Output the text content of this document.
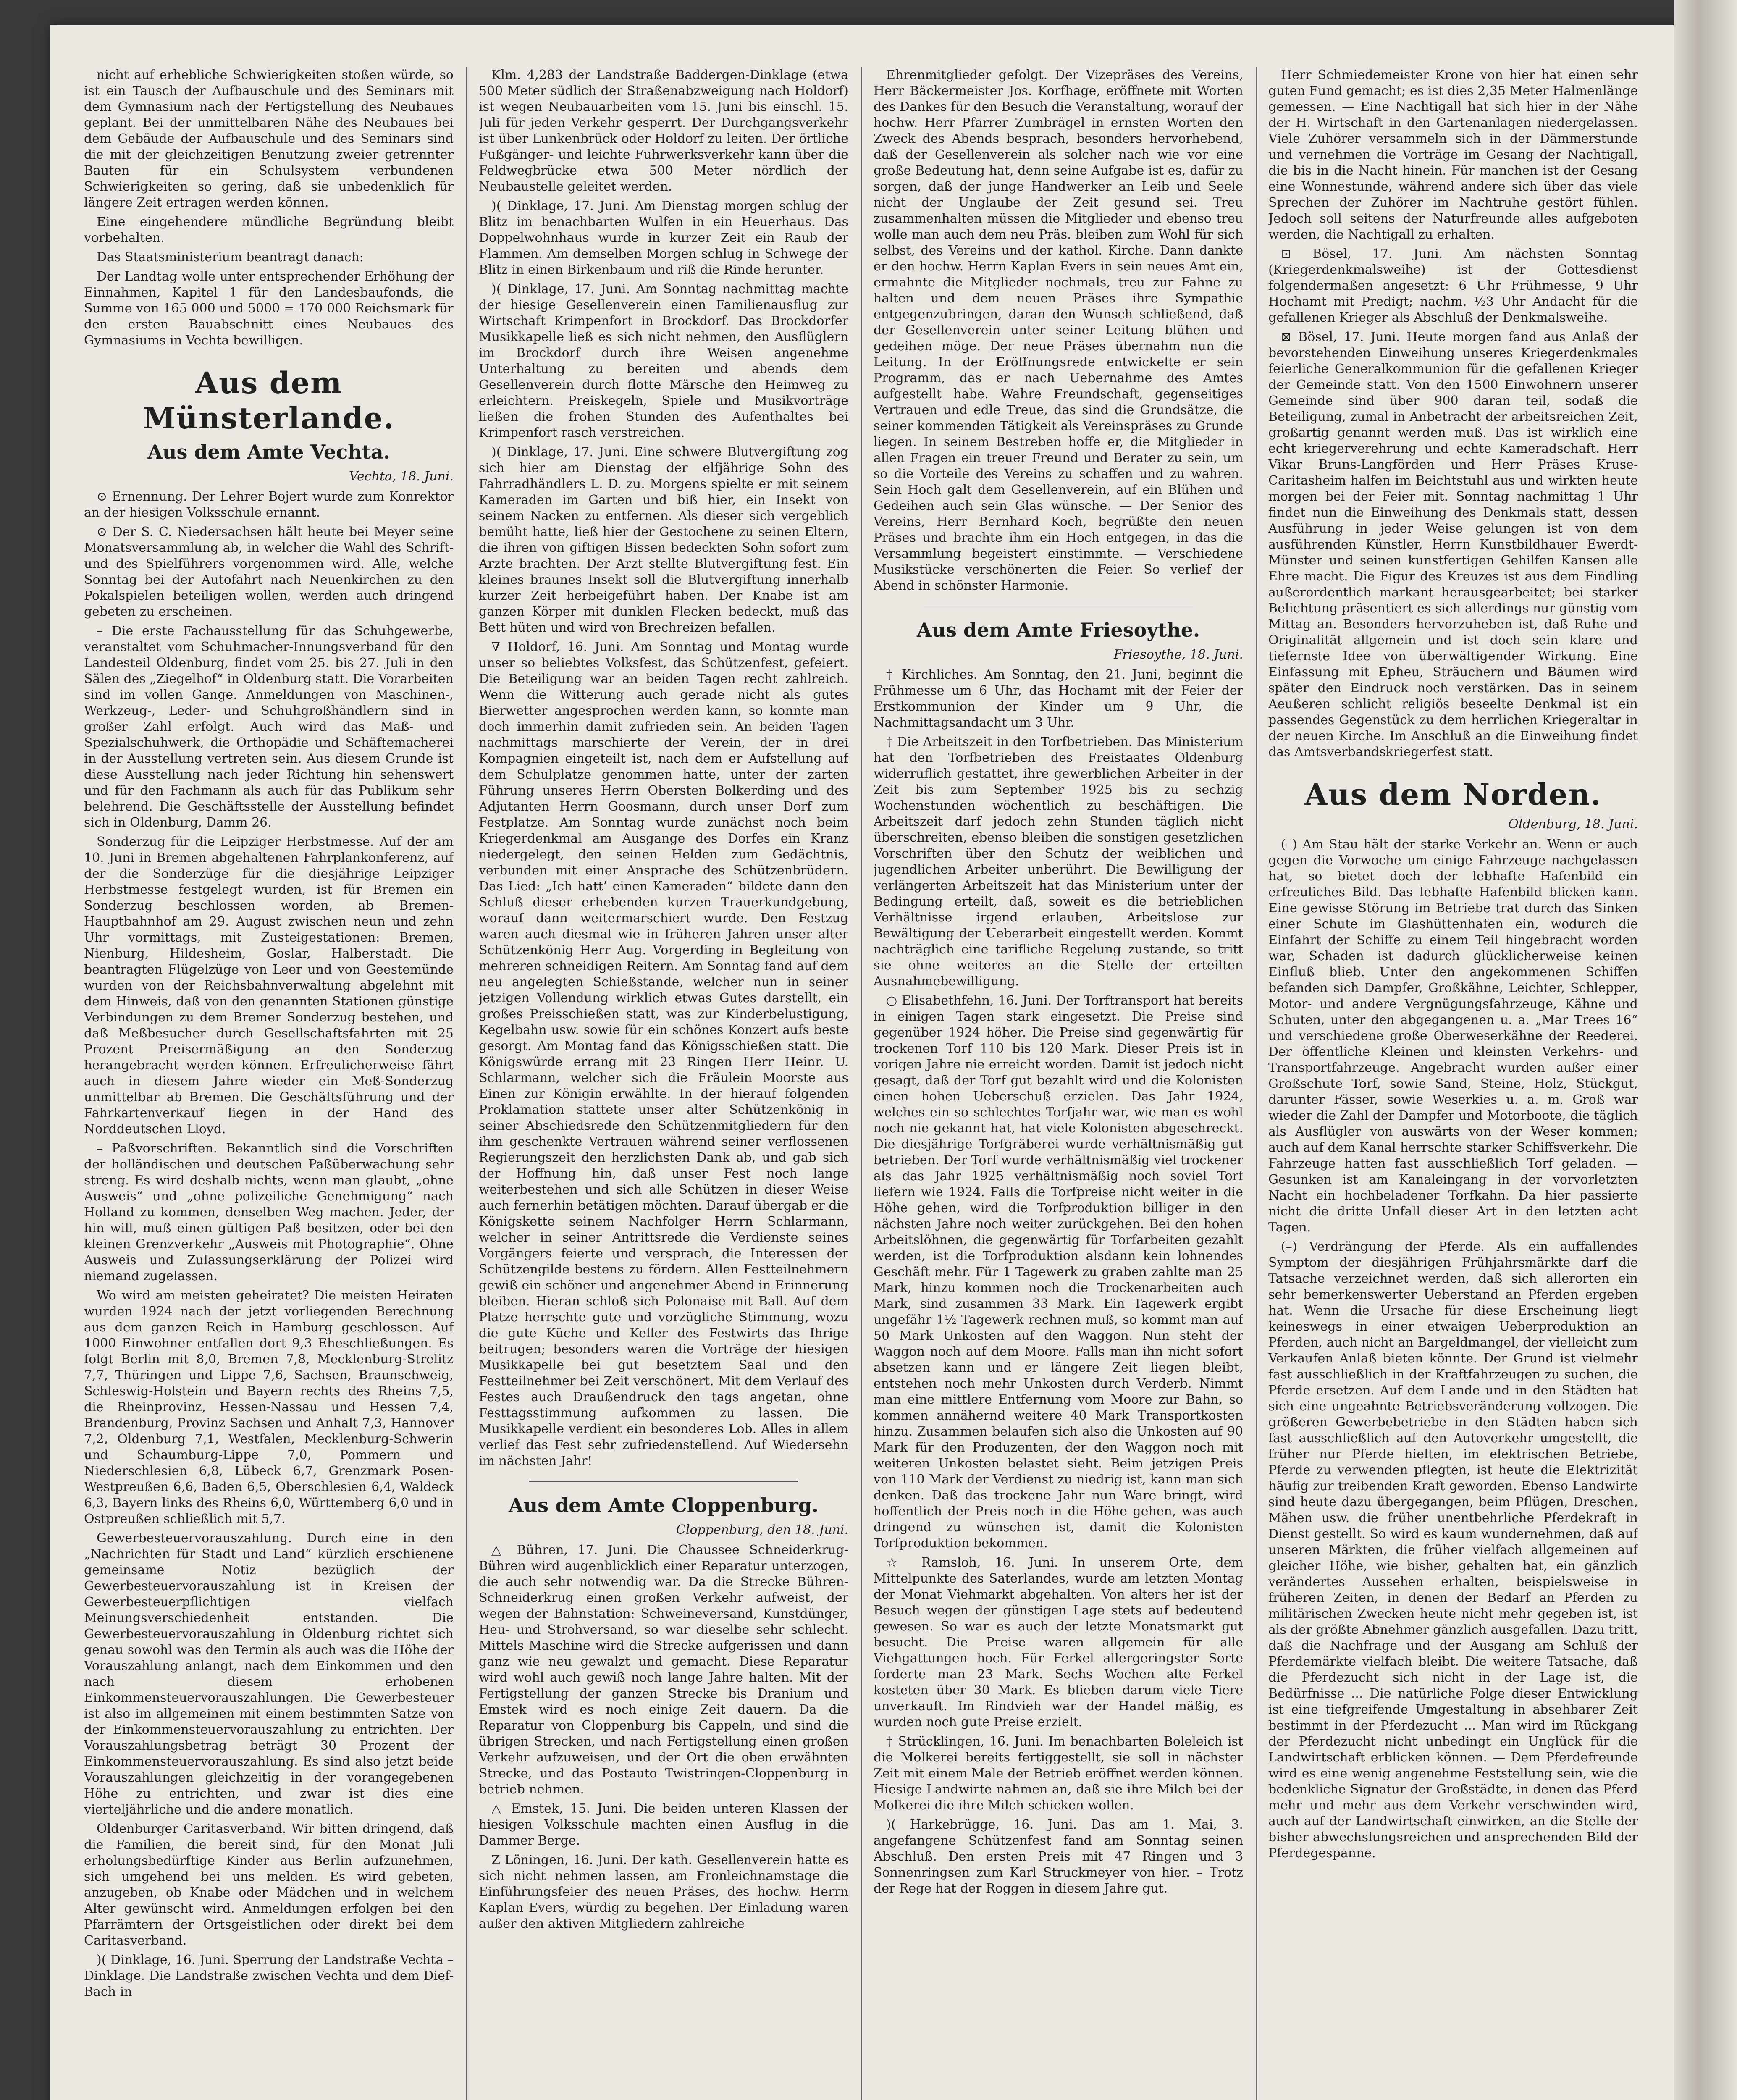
nicht auf erhebliche Schwierigkeiten stoßen würde, so ist ein Tausch der Aufbauschule und des Seminars mit dem Gymnasium nach der Fertigstellung des Neubaues geplant. Bei der unmittelbaren Nähe des Neubaues bei dem Gebäude der Aufbauschule und des Seminars sind die mit der gleichzeitigen Benutzung zweier getrennter Bauten für ein Schulsystem verbundenen Schwierigkeiten so gering, daß sie unbedenklich für längere Zeit ertragen werden können.

Eine eingehendere mündliche Begründung bleibt vorbehalten.

Das Staatsministerium beantragt danach:

Der Landtag wolle unter entsprechender Erhöhung der Einnahmen, Kapitel 1 für den Landesbaufonds, die Summe von 165 000 und 5000 = 170 000 Reichsmark für den ersten Bauabschnitt eines Neubaues des Gymnasiums in Vechta bewilligen.

Aus dem Münsterlande.
Aus dem Amte Vechta.
Vechta, 18. Juni.

⊙ Ernennung. Der Lehrer Bojert wurde zum Konrektor an der hiesigen Volksschule ernannt.

⊙ Der S. C. Niedersachsen hält heute bei Meyer seine Monatsversammlung ab, in welcher die Wahl des Schrift- und des Spielführers vorgenommen wird. Alle, welche Sonntag bei der Autofahrt nach Neuenkirchen zu den Pokalspielen beteiligen wollen, werden auch dringend gebeten zu erscheinen.

– Die erste Fachausstellung für das Schuhgewerbe, veranstaltet vom Schuhmacher-Innungsverband für den Landesteil Oldenburg, findet vom 25. bis 27. Juli in den Sälen des „Ziegelhof“ in Oldenburg statt. Die Vorarbeiten sind im vollen Gange. Anmeldungen von Maschinen-, Werkzeug-, Leder- und Schuhgroßhändlern sind in großer Zahl erfolgt. Auch wird das Maß- und Spezialschuhwerk, die Orthopädie und Schäftemacherei in der Ausstellung vertreten sein. Aus diesem Grunde ist diese Ausstellung nach jeder Richtung hin sehenswert und für den Fachmann als auch für das Publikum sehr belehrend. Die Geschäftsstelle der Ausstellung befindet sich in Oldenburg, Damm 26.

Sonderzug für die Leipziger Herbstmesse. Auf der am 10. Juni in Bremen abgehaltenen Fahrplankonferenz, auf der die Sonderzüge für die diesjährige Leipziger Herbstmesse festgelegt wurden, ist für Bremen ein Sonderzug beschlossen worden, ab Bremen-Hauptbahnhof am 29. August zwischen neun und zehn Uhr vormittags, mit Zusteigestationen: Bremen, Nienburg, Hildesheim, Goslar, Halberstadt. Die beantragten Flügelzüge von Leer und von Geestemünde wurden von der Reichsbahnverwaltung abgelehnt mit dem Hinweis, daß von den genannten Stationen günstige Verbindungen zu dem Bremer Sonderzug bestehen, und daß Meßbesucher durch Gesellschaftsfahrten mit 25 Prozent Preisermäßigung an den Sonderzug herangebracht werden können. Erfreulicherweise fährt auch in diesem Jahre wieder ein Meß-Sonderzug unmittelbar ab Bremen. Die Geschäftsführung und der Fahrkartenverkauf liegen in der Hand des Norddeutschen Lloyd.

– Paßvorschriften. Bekanntlich sind die Vorschriften der holländischen und deutschen Paßüberwachung sehr streng. Es wird deshalb nichts, wenn man glaubt, „ohne Ausweis“ und „ohne polizeiliche Genehmigung“ nach Holland zu kommen, denselben Weg machen. Jeder, der hin will, muß einen gültigen Paß besitzen, oder bei den kleinen Grenzverkehr „Ausweis mit Photographie“. Ohne Ausweis und Zulassungserklärung der Polizei wird niemand zugelassen.

Wo wird am meisten geheiratet? Die meisten Heiraten wurden 1924 nach der jetzt vorliegenden Berechnung aus dem ganzen Reich in Hamburg geschlossen. Auf 1000 Einwohner entfallen dort 9,3 Eheschließungen. Es folgt Berlin mit 8,0, Bremen 7,8, Mecklenburg-Strelitz 7,7, Thüringen und Lippe 7,6, Sachsen, Braunschweig, Schleswig-Holstein und Bayern rechts des Rheins 7,5, die Rheinprovinz, Hessen-Nassau und Hessen 7,4, Brandenburg, Provinz Sachsen und Anhalt 7,3, Hannover 7,2, Oldenburg 7,1, Westfalen, Mecklenburg-Schwerin und Schaumburg-Lippe 7,0, Pommern und Niederschlesien 6,8, Lübeck 6,7, Grenzmark Posen-Westpreußen 6,6, Baden 6,5, Oberschlesien 6,4, Waldeck 6,3, Bayern links des Rheins 6,0, Württemberg 6,0 und in Ostpreußen schließlich mit 5,7.

Gewerbesteuervorauszahlung. Durch eine in den „Nachrichten für Stadt und Land“ kürzlich erschienene gemeinsame Notiz bezüglich der Gewerbesteuervorauszahlung ist in Kreisen der Gewerbesteuerpflichtigen vielfach Meinungsverschiedenheit entstanden. Die Gewerbesteuervorauszahlung in Oldenburg richtet sich genau sowohl was den Termin als auch was die Höhe der Vorauszahlung anlangt, nach dem Einkommen und den nach diesem erhobenen Einkommensteuervorauszahlungen. Die Gewerbesteuer ist also im allgemeinen mit einem bestimmten Satze von der Einkommensteuervorauszahlung zu entrichten. Der Vorauszahlungsbetrag beträgt 30 Prozent der Einkommensteuervorauszahlung. Es sind also jetzt beide Vorauszahlungen gleichzeitig in der vorangegebenen Höhe zu entrichten, und zwar ist dies eine vierteljährliche und die andere monatlich.

Oldenburger Caritasverband. Wir bitten dringend, daß die Familien, die bereit sind, für den Monat Juli erholungsbedürftige Kinder aus Berlin aufzunehmen, sich umgehend bei uns melden. Es wird gebeten, anzugeben, ob Knabe oder Mädchen und in welchem Alter gewünscht wird. Anmeldungen erfolgen bei den Pfarrämtern der Ortsgeistlichen oder direkt bei dem Caritasverband.

)( Dinklage, 16. Juni. Sperrung der Landstraße Vechta – Dinklage. Die Landstraße zwischen Vechta und dem Dief-Bach in

Klm. 4,283 der Landstraße Baddergen-Dinklage (etwa 500 Meter südlich der Straßenabzweigung nach Holdorf) ist wegen Neubauarbeiten vom 15. Juni bis einschl. 15. Juli für jeden Verkehr gesperrt. Der Durchgangsverkehr ist über Lunkenbrück oder Holdorf zu leiten. Der örtliche Fußgänger- und leichte Fuhrwerksverkehr kann über die Feldwegbrücke etwa 500 Meter nördlich der Neubaustelle geleitet werden.

)( Dinklage, 17. Juni. Am Dienstag morgen schlug der Blitz im benachbarten Wulfen in ein Heuerhaus. Das Doppelwohnhaus wurde in kurzer Zeit ein Raub der Flammen. Am demselben Morgen schlug in Schwege der Blitz in einen Birkenbaum und riß die Rinde herunter.

)( Dinklage, 17. Juni. Am Sonntag nachmittag machte der hiesige Gesellenverein einen Familienausflug zur Wirtschaft Krimpenfort in Brockdorf. Das Brockdorfer Musikkapelle ließ es sich nicht nehmen, den Ausflüglern im Brockdorf durch ihre Weisen angenehme Unterhaltung zu bereiten und abends dem Gesellenverein durch flotte Märsche den Heimweg zu erleichtern. Preiskegeln, Spiele und Musikvorträge ließen die frohen Stunden des Aufenthaltes bei Krimpenfort rasch verstreichen.

)( Dinklage, 17. Juni. Eine schwere Blutvergiftung zog sich hier am Dienstag der elfjährige Sohn des Fahrradhändlers L. D. zu. Morgens spielte er mit seinem Kameraden im Garten und biß hier, ein Insekt von seinem Nacken zu entfernen. Als dieser sich vergeblich bemüht hatte, ließ hier der Gestochene zu seinen Eltern, die ihren von giftigen Bissen bedeckten Sohn sofort zum Arzte brachten. Der Arzt stellte Blutvergiftung fest. Ein kleines braunes Insekt soll die Blutvergiftung innerhalb kurzer Zeit herbeigeführt haben. Der Knabe ist am ganzen Körper mit dunklen Flecken bedeckt, muß das Bett hüten und wird von Brechreizen befallen.

∇ Holdorf, 16. Juni. Am Sonntag und Montag wurde unser so beliebtes Volksfest, das Schützenfest, gefeiert. Die Beteiligung war an beiden Tagen recht zahlreich. Wenn die Witterung auch gerade nicht als gutes Bierwetter angesprochen werden kann, so konnte man doch immerhin damit zufrieden sein. An beiden Tagen nachmittags marschierte der Verein, der in drei Kompagnien eingeteilt ist, nach dem er Aufstellung auf dem Schulplatze genommen hatte, unter der zarten Führung unseres Herrn Obersten Bolkerding und des Adjutanten Herrn Goosmann, durch unser Dorf zum Festplatze. Am Sonntag wurde zunächst noch beim Kriegerdenkmal am Ausgange des Dorfes ein Kranz niedergelegt, den seinen Helden zum Gedächtnis, verbunden mit einer Ansprache des Schützenbrüdern. Das Lied: „Ich hatt’ einen Kameraden“ bildete dann den Schluß dieser erhebenden kurzen Trauerkundgebung, worauf dann weitermarschiert wurde. Den Festzug waren auch diesmal wie in früheren Jahren unser alter Schützenkönig Herr Aug. Vorgerding in Begleitung von mehreren schneidigen Reitern. Am Sonntag fand auf dem neu angelegten Schießstande, welcher nun in seiner jetzigen Vollendung wirklich etwas Gutes darstellt, ein großes Preisschießen statt, was zur Kinderbelustigung, Kegelbahn usw. sowie für ein schönes Konzert aufs beste gesorgt. Am Montag fand das Königsschießen statt. Die Königswürde errang mit 23 Ringen Herr Heinr. U. Schlarmann, welcher sich die Fräulein Moorste aus Einen zur Königin erwählte. In der hierauf folgenden Proklamation stattete unser alter Schützenkönig in seiner Abschiedsrede den Schützenmitgliedern für den ihm geschenkte Vertrauen während seiner verflossenen Regierungszeit den herzlichsten Dank ab, und gab sich der Hoffnung hin, daß unser Fest noch lange weiterbestehen und sich alle Schützen in dieser Weise auch fernerhin betätigen möchten. Darauf übergab er die Königskette seinem Nachfolger Herrn Schlarmann, welcher in seiner Antrittsrede die Verdienste seines Vorgängers feierte und versprach, die Interessen der Schützengilde bestens zu fördern. Allen Festteilnehmern gewiß ein schöner und angenehmer Abend in Erinnerung bleiben. Hieran schloß sich Polonaise mit Ball. Auf dem Platze herrschte gute und vorzügliche Stimmung, wozu die gute Küche und Keller des Festwirts das Ihrige beitrugen; besonders waren die Vorträge der hiesigen Musikkapelle bei gut besetztem Saal und den Festteilnehmer bei Zeit verschönert. Mit dem Verlauf des Festes auch Draußendruck den tags angetan, ohne Festtagsstimmung aufkommen zu lassen. Die Musikkapelle verdient ein besonderes Lob. Alles in allem verlief das Fest sehr zufriedenstellend. Auf Wiedersehn im nächsten Jahr!

Aus dem Amte Cloppenburg.
Cloppenburg, den 18. Juni.

△ Bühren, 17. Juni. Die Chaussee Schneiderkrug-Bühren wird augenblicklich einer Reparatur unterzogen, die auch sehr notwendig war. Da die Strecke Bühren-Schneiderkrug einen großen Verkehr aufweist, der wegen der Bahnstation: Schweineversand, Kunstdünger, Heu- und Strohversand, so war dieselbe sehr schlecht. Mittels Maschine wird die Strecke aufgerissen und dann ganz wie neu gewalzt und gemacht. Diese Reparatur wird wohl auch gewiß noch lange Jahre halten. Mit der Fertigstellung der ganzen Strecke bis Dranium und Emstek wird es noch einige Zeit dauern. Da die Reparatur von Cloppenburg bis Cappeln, und sind die übrigen Strecken, und nach Fertigstellung einen großen Verkehr aufzuweisen, und der Ort die oben erwähnten Strecke, und das Postauto Twistringen-Cloppenburg in betrieb nehmen.

△ Emstek, 15. Juni. Die beiden unteren Klassen der hiesigen Volksschule machten einen Ausflug in die Dammer Berge.

Z Löningen, 16. Juni. Der kath. Gesellenverein hatte es sich nicht nehmen lassen, am Fronleichnamstage die Einführungsfeier des neuen Präses, des hochw. Herrn Kaplan Evers, würdig zu begehen. Der Einladung waren außer den aktiven Mitgliedern zahlreiche

Ehrenmitglieder gefolgt. Der Vizepräses des Vereins, Herr Bäckermeister Jos. Korfhage, eröffnete mit Worten des Dankes für den Besuch die Veranstaltung, worauf der hochw. Herr Pfarrer Zumbrägel in ernsten Worten den Zweck des Abends besprach, besonders hervorhebend, daß der Gesellenverein als solcher nach wie vor eine große Bedeutung hat, denn seine Aufgabe ist es, dafür zu sorgen, daß der junge Handwerker an Leib und Seele nicht der Unglaube der Zeit gesund sei. Treu zusammenhalten müssen die Mitglieder und ebenso treu wolle man auch dem neu Präs. bleiben zum Wohl für sich selbst, des Vereins und der kathol. Kirche. Dann dankte er den hochw. Herrn Kaplan Evers in sein neues Amt ein, ermahnte die Mitglieder nochmals, treu zur Fahne zu halten und dem neuen Präses ihre Sympathie entgegenzubringen, daran den Wunsch schließend, daß der Gesellenverein unter seiner Leitung blühen und gedeihen möge. Der neue Präses übernahm nun die Leitung. In der Eröffnungsrede entwickelte er sein Programm, das er nach Uebernahme des Amtes aufgestellt habe. Wahre Freundschaft, gegenseitiges Vertrauen und edle Treue, das sind die Grundsätze, die seiner kommenden Tätigkeit als Vereinspräses zu Grunde liegen. In seinem Bestreben hoffe er, die Mitglieder in allen Fragen ein treuer Freund und Berater zu sein, um so die Vorteile des Vereins zu schaffen und zu wahren. Sein Hoch galt dem Gesellenverein, auf ein Blühen und Gedeihen auch sein Glas wünsche. — Der Senior des Vereins, Herr Bernhard Koch, begrüßte den neuen Präses und brachte ihm ein Hoch entgegen, in das die Versammlung begeistert einstimmte. — Verschiedene Musikstücke verschönerten die Feier. So verlief der Abend in schönster Harmonie.

Aus dem Amte Friesoythe.
Friesoythe, 18. Juni.

† Kirchliches. Am Sonntag, den 21. Juni, beginnt die Frühmesse um 6 Uhr, das Hochamt mit der Feier der Erstkommunion der Kinder um 9 Uhr, die Nachmittagsandacht um 3 Uhr.

† Die Arbeitszeit in den Torfbetrieben. Das Ministerium hat den Torfbetrieben des Freistaates Oldenburg widerruflich gestattet, ihre gewerblichen Arbeiter in der Zeit bis zum September 1925 bis zu sechzig Wochenstunden wöchentlich zu beschäftigen. Die Arbeitszeit darf jedoch zehn Stunden täglich nicht überschreiten, ebenso bleiben die sonstigen gesetzlichen Vorschriften über den Schutz der weiblichen und jugendlichen Arbeiter unberührt. Die Bewilligung der verlängerten Arbeitszeit hat das Ministerium unter der Bedingung erteilt, daß, soweit es die betrieblichen Verhältnisse irgend erlauben, Arbeitslose zur Bewältigung der Ueberarbeit eingestellt werden. Kommt nachträglich eine tarifliche Regelung zustande, so tritt sie ohne weiteres an die Stelle der erteilten Ausnahmebewilligung.

○ Elisabethfehn, 16. Juni. Der Torftransport hat bereits in einigen Tagen stark eingesetzt. Die Preise sind gegenüber 1924 höher. Die Preise sind gegenwärtig für trockenen Torf 110 bis 120 Mark. Dieser Preis ist in vorigen Jahre nie erreicht worden. Damit ist jedoch nicht gesagt, daß der Torf gut bezahlt wird und die Kolonisten einen hohen Ueberschuß erzielen. Das Jahr 1924, welches ein so schlechtes Torfjahr war, wie man es wohl noch nie gekannt hat, hat viele Kolonisten abgeschreckt. Die diesjährige Torfgräberei wurde verhältnismäßig gut betrieben. Der Torf wurde verhältnismäßig viel trockener als das Jahr 1925 verhältnismäßig noch soviel Torf liefern wie 1924. Falls die Torfpreise nicht weiter in die Höhe gehen, wird die Torfproduktion billiger in den nächsten Jahre noch weiter zurückgehen. Bei den hohen Arbeitslöhnen, die gegenwärtig für Torfarbeiten gezahlt werden, ist die Torfproduktion alsdann kein lohnendes Geschäft mehr. Für 1 Tagewerk zu graben zahlte man 25 Mark, hinzu kommen noch die Trockenarbeiten auch Mark, sind zusammen 33 Mark. Ein Tagewerk ergibt ungefähr 1½ Tagewerk rechnen muß, so kommt man auf 50 Mark Unkosten auf den Waggon. Nun steht der Waggon noch auf dem Moore. Falls man ihn nicht sofort absetzen kann und er längere Zeit liegen bleibt, entstehen noch mehr Unkosten durch Verderb. Nimmt man eine mittlere Entfernung vom Moore zur Bahn, so kommen annähernd weitere 40 Mark Transportkosten hinzu. Zusammen belaufen sich also die Unkosten auf 90 Mark für den Produzenten, der den Waggon noch mit weiteren Unkosten belastet sieht. Beim jetzigen Preis von 110 Mark der Verdienst zu niedrig ist, kann man sich denken. Daß das trockene Jahr nun Ware bringt, wird hoffentlich der Preis noch in die Höhe gehen, was auch dringend zu wünschen ist, damit die Kolonisten Torfproduktion bekommen.

☆ Ramsloh, 16. Juni. In unserem Orte, dem Mittelpunkte des Saterlandes, wurde am letzten Montag der Monat Viehmarkt abgehalten. Von alters her ist der Besuch wegen der günstigen Lage stets auf bedeutend gewesen. So war es auch der letzte Monatsmarkt gut besucht. Die Preise waren allgemein für alle Viehgattungen hoch. Für Ferkel allergeringster Sorte forderte man 23 Mark. Sechs Wochen alte Ferkel kosteten über 30 Mark. Es blieben darum viele Tiere unverkauft. Im Rindvieh war der Handel mäßig, es wurden noch gute Preise erzielt.

† Strücklingen, 16. Juni. Im benachbarten Boleleich ist die Molkerei bereits fertiggestellt, sie soll in nächster Zeit mit einem Male der Betrieb eröffnet werden können. Hiesige Landwirte nahmen an, daß sie ihre Milch bei der Molkerei die ihre Milch schicken wollen.

)( Harkebrügge, 16. Juni. Das am 1. Mai, 3. angefangene Schützenfest fand am Sonntag seinen Abschluß. Den ersten Preis mit 47 Ringen und 3 Sonnenringsen zum Karl Struckmeyer von hier. – Trotz der Rege hat der Roggen in diesem Jahre gut.

Herr Schmiedemeister Krone von hier hat einen sehr guten Fund gemacht; es ist dies 2,35 Meter Halmenlänge gemessen. — Eine Nachtigall hat sich hier in der Nähe der H. Wirtschaft in den Gartenanlagen niedergelassen. Viele Zuhörer versammeln sich in der Dämmerstunde und vernehmen die Vorträge im Gesang der Nachtigall, die bis in die Nacht hinein. Für manchen ist der Gesang eine Wonnestunde, während andere sich über das viele Sprechen der Zuhörer im Nachtruhe gestört fühlen. Jedoch soll seitens der Naturfreunde alles aufgeboten werden, die Nachtigall zu erhalten.

⊡ Bösel, 17. Juni. Am nächsten Sonntag (Kriegerdenkmalsweihe) ist der Gottesdienst folgendermaßen angesetzt: 6 Uhr Frühmesse, 9 Uhr Hochamt mit Predigt; nachm. ½3 Uhr Andacht für die gefallenen Krieger als Abschluß der Denkmalsweihe.

⊠ Bösel, 17. Juni. Heute morgen fand aus Anlaß der bevorstehenden Einweihung unseres Kriegerdenkmales feierliche Generalkommunion für die gefallenen Krieger der Gemeinde statt. Von den 1500 Einwohnern unserer Gemeinde sind über 900 daran teil, sodaß die Beteiligung, zumal in Anbetracht der arbeitsreichen Zeit, großartig genannt werden muß. Das ist wirklich eine echt kriegerverehrung und echte Kameradschaft. Herr Vikar Bruns-Langförden und Herr Präses Kruse-Caritasheim halfen im Beichtstuhl aus und wirkten heute morgen bei der Feier mit. Sonntag nachmittag 1 Uhr findet nun die Einweihung des Denkmals statt, dessen Ausführung in jeder Weise gelungen ist von dem ausführenden Künstler, Herrn Kunstbildhauer Ewerdt-Münster und seinen kunstfertigen Gehilfen Kansen alle Ehre macht. Die Figur des Kreuzes ist aus dem Findling außerordentlich markant herausgearbeitet; bei starker Belichtung präsentiert es sich allerdings nur günstig vom Mittag an. Besonders hervorzuheben ist, daß Ruhe und Originalität allgemein und ist doch sein klare und tiefernste Idee von überwältigender Wirkung. Eine Einfassung mit Epheu, Sträuchern und Bäumen wird später den Eindruck noch verstärken. Das in seinem Aeußeren schlicht religiös beseelte Denkmal ist ein passendes Gegenstück zu dem herrlichen Kriegeraltar in der neuen Kirche. Im Anschluß an die Einweihung findet das Amtsverbandskriegerfest statt.

Aus dem Norden.
Oldenburg, 18. Juni.

(–) Am Stau hält der starke Verkehr an. Wenn er auch gegen die Vorwoche um einige Fahrzeuge nachgelassen hat, so bietet doch der lebhafte Hafenbild ein erfreuliches Bild. Das lebhafte Hafenbild blicken kann. Eine gewisse Störung im Betriebe trat durch das Sinken einer Schute im Glashüttenhafen ein, wodurch die Einfahrt der Schiffe zu einem Teil hingebracht worden war, Schaden ist dadurch glücklicherweise keinen Einfluß blieb. Unter den angekommenen Schiffen befanden sich Dampfer, Großkähne, Leichter, Schlepper, Motor- und andere Vergnügungsfahrzeuge, Kähne und Schuten, unter den abgegangenen u. a. „Mar Trees 16“ und verschiedene große Oberweserkähne der Reederei. Der öffentliche Kleinen und kleinsten Verkehrs- und Transportfahrzeuge. Angebracht wurden außer einer Großschute Torf, sowie Sand, Steine, Holz, Stückgut, darunter Fässer, sowie Weserkies u. a. m. Groß war wieder die Zahl der Dampfer und Motorboote, die täglich als Ausflügler von auswärts von der Weser kommen; auch auf dem Kanal herrschte starker Schiffsverkehr. Die Fahrzeuge hatten fast ausschließlich Torf geladen. — Gesunken ist am Kanaleingang in der vorvorletzten Nacht ein hochbeladener Torfkahn. Da hier passierte nicht die dritte Unfall dieser Art in den letzten acht Tagen.

(–) Verdrängung der Pferde. Als ein auffallendes Symptom der diesjährigen Frühjahrsmärkte darf die Tatsache verzeichnet werden, daß sich allerorten ein sehr bemerkenswerter Ueberstand an Pferden ergeben hat. Wenn die Ursache für diese Erscheinung liegt keineswegs in einer etwaigen Ueberproduktion an Pferden, auch nicht an Bargeldmangel, der vielleicht zum Verkaufen Anlaß bieten könnte. Der Grund ist vielmehr fast ausschließlich in der Kraftfahrzeugen zu suchen, die Pferde ersetzen. Auf dem Lande und in den Städten hat sich eine ungeahnte Betriebsveränderung vollzogen. Die größeren Gewerbebetriebe in den Städten haben sich fast ausschließlich auf den Autoverkehr umgestellt, die früher nur Pferde hielten, im elektrischen Betriebe, Pferde zu verwenden pflegten, ist heute die Elektrizität häufig zur treibenden Kraft geworden. Ebenso Landwirte sind heute dazu übergegangen, beim Pflügen, Dreschen, Mähen usw. die früher unentbehrliche Pferdekraft in Dienst gestellt. So wird es kaum wundernehmen, daß auf unseren Märkten, die früher vielfach allgemeinen auf gleicher Höhe, wie bisher, gehalten hat, ein gänzlich verändertes Aussehen erhalten, beispielsweise in früheren Zeiten, in denen der Bedarf an Pferden zu militärischen Zwecken heute nicht mehr gegeben ist, ist als der größte Abnehmer gänzlich ausgefallen. Dazu tritt, daß die Nachfrage und der Ausgang am Schluß der Pferdemärkte vielfach bleibt. Die weitere Tatsache, daß die Pferdezucht sich nicht in der Lage ist, die Bedürfnisse ... Die natürliche Folge dieser Entwicklung ist eine tiefgreifende Umgestaltung in absehbarer Zeit bestimmt in der Pferdezucht ... Man wird im Rückgang der Pferdezucht nicht unbedingt ein Unglück für die Landwirtschaft erblicken können. — Dem Pferdefreunde wird es eine wenig angenehme Feststellung sein, wie die bedenkliche Signatur der Großstädte, in denen das Pferd mehr und mehr aus dem Verkehr verschwinden wird, auch auf der Landwirtschaft einwirken, an die Stelle der bisher abwechslungsreichen und ansprechenden Bild der Pferdegespanne.
